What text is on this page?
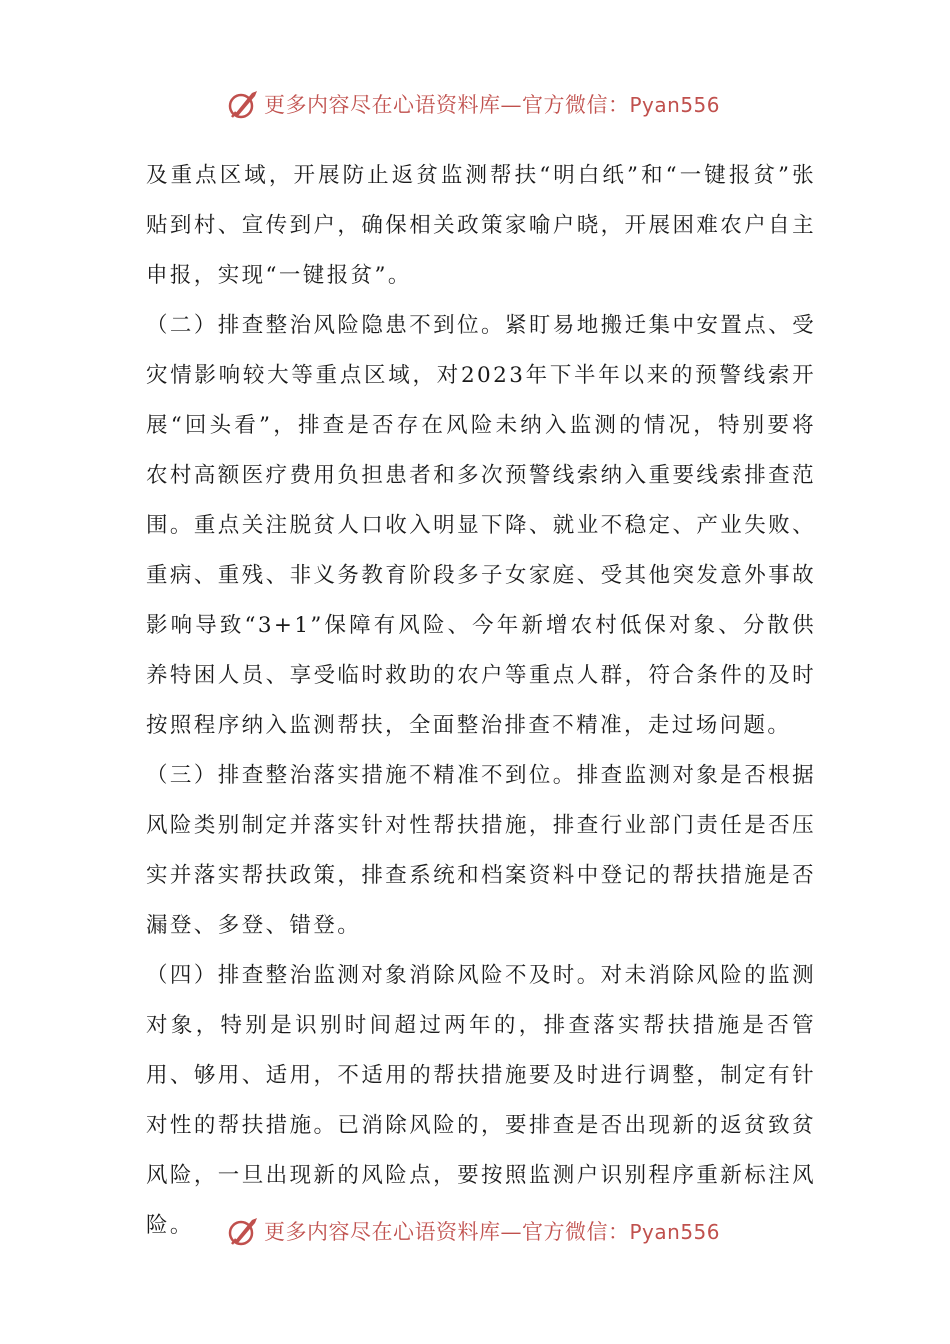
更多内容尽在心语资料库—官方微信：Pyan556

及重点区域，开展防止返贫监测帮扶“明白纸”和“一键报贫”张贴到村、宣传到户，确保相关政策家喻户晓，开展困难农户自主申报，实现“一键报贫”。

（二）排查整治风险隐患不到位。紧盯易地搬迁集中安置点、受灾情影响较大等重点区域，对2023年下半年以来的预警线索开展“回头看”，排查是否存在风险未纳入监测的情况，特别要将农村高额医疗费用负担患者和多次预警线索纳入重要线索排查范围。重点关注脱贫人口收入明显下降、就业不稳定、产业失败、重病、重残、非义务教育阶段多子女家庭、受其他突发意外事故影响导致“3+1”保障有风险、今年新增农村低保对象、分散供养特困人员、享受临时救助的农户等重点人群，符合条件的及时按照程序纳入监测帮扶，全面整治排查不精准，走过场问题。

（三）排查整治落实措施不精准不到位。排查监测对象是否根据风险类别制定并落实针对性帮扶措施，排查行业部门责任是否压实并落实帮扶政策，排查系统和档案资料中登记的帮扶措施是否漏登、多登、错登。

（四）排查整治监测对象消除风险不及时。对未消除风险的监测对象，特别是识别时间超过两年的，排查落实帮扶措施是否管用、够用、适用，不适用的帮扶措施要及时进行调整，制定有针对性的帮扶措施。已消除风险的，要排查是否出现新的返贫致贫风险，一旦出现新的风险点，要按照监测户识别程序重新标注风险。	更多内容尽在心语资料库—官方微信：Pyan556
